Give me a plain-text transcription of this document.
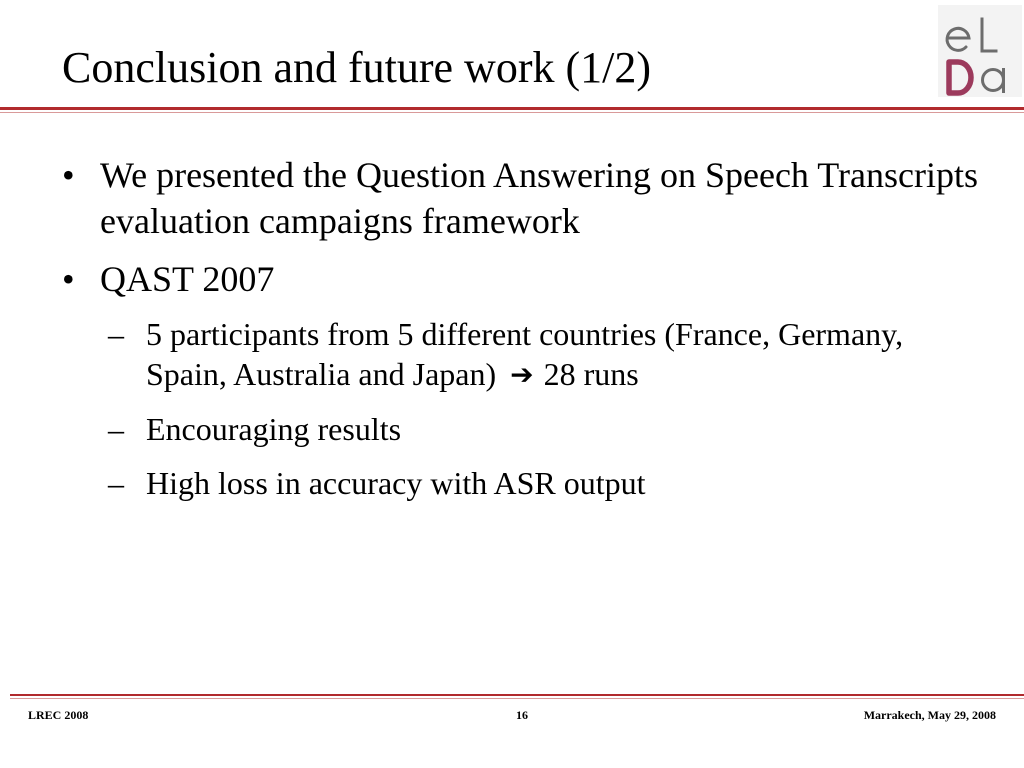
Conclusion and future work (1/2)
• We presented the Question Answering on Speech Transcripts evaluation campaigns framework
• QAST 2007
– 5 participants from 5 different countries (France, Germany, Spain, Australia and Japan) ➔ 28 runs
– Encouraging results
– High loss in accuracy with ASR output
LREC 2008	16	Marrakech, May 29, 2008
